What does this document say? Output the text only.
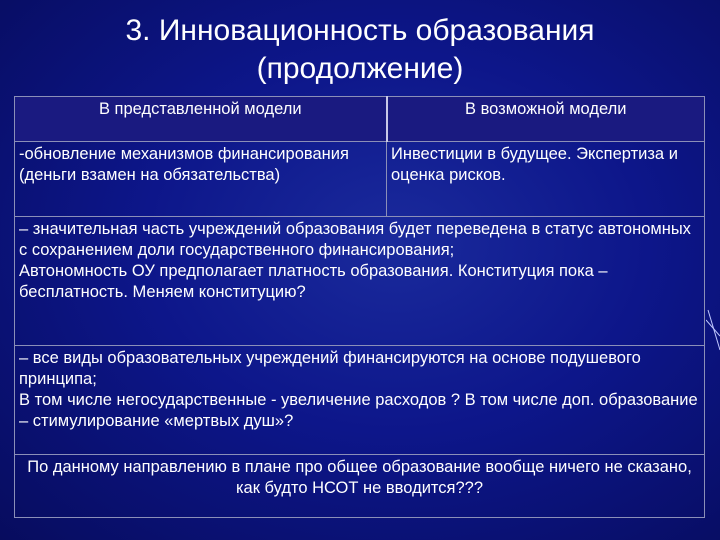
3. Инновационность образования
(продолжение)
В представленной модели	В возможной модели
-обновление механизмов финансирования (деньги взамен на обязательства)	Инвестиции в будущее. Экспертиза и оценка рисков.

– значительная часть учреждений образования будет переведена в статус автономных с сохранением доли государственного финансирования;

Автономность ОУ предполагает платность образования. Конституция пока – бесплатность. Меняем конституцию?	

– все виды образовательных учреждений финансируются на основе подушевого принципа;

В том числе негосударственные - увеличение расходов ? В том числе доп. образование – стимулирование «мертвых душ»?	

По данному направлению в плане про общее образование вообще ничего не сказано, как будто НСОТ не вводится???	
